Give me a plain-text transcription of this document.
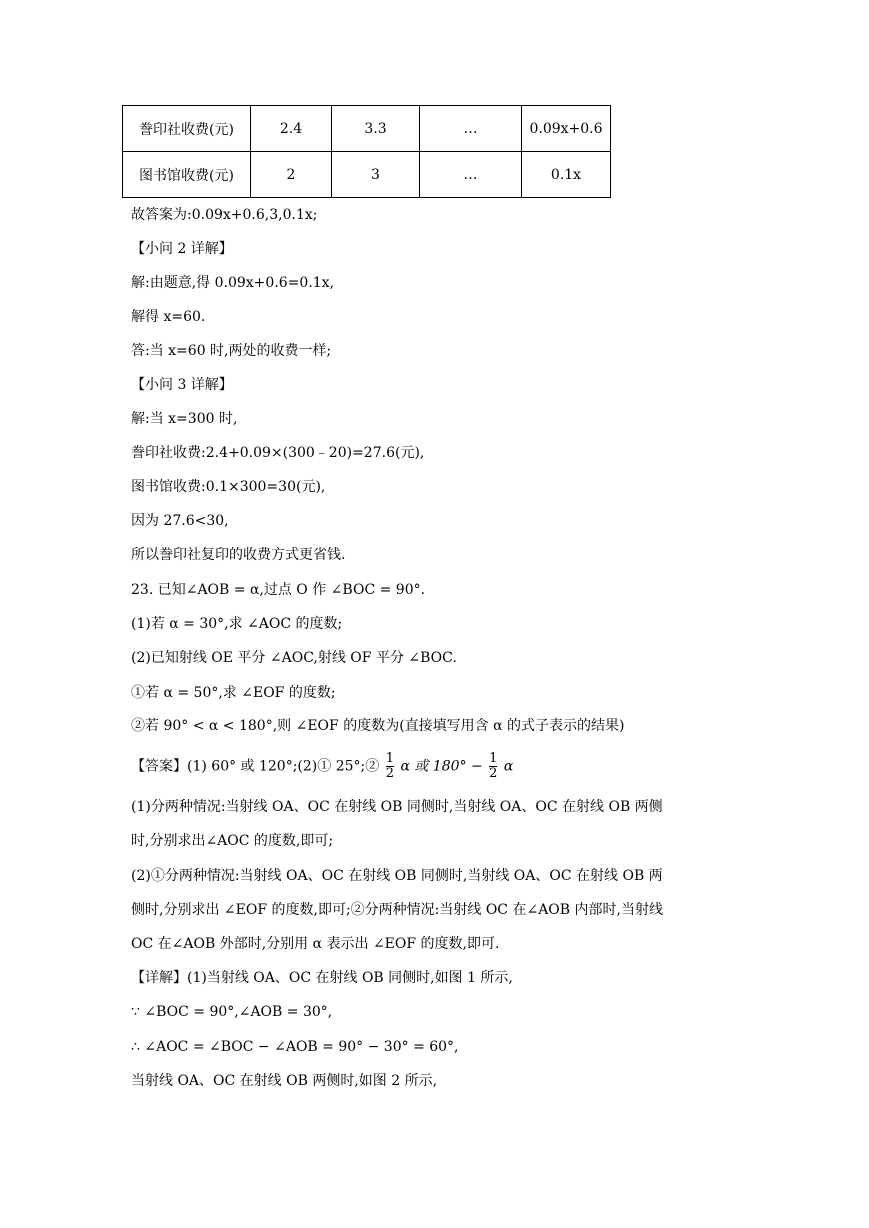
誊印社收费(元)	2.4	3.3	…	0.09x+0.6
图书馆收费(元)	2	3	…	0.1x
故答案为:0.09x+0.6,3,0.1x;
【小问 2 详解】
解:由题意,得 0.09x+0.6=0.1x,
解得 x=60.
答:当 x=60 时,两处的收费一样;
【小问 3 详解】
解:当 x=300 时,
誊印社收费:2.4+0.09×(300﹣20)=27.6(元),
图书馆收费:0.1×300=30(元),
因为 27.6<30,
所以誊印社复印的收费方式更省钱.
23. 已知∠AOB = α,过点 O 作 ∠BOC = 90°.
(1)若 α = 30°,求 ∠AOC 的度数;
(2)已知射线 OE 平分 ∠AOC,射线 OF 平分 ∠BOC.
①若 α = 50°,求 ∠EOF 的度数;
②若 90° < α < 180°,则 ∠EOF 的度数为(直接填写用含 α 的式子表示的结果)
【答案】(1) 60° 或 120°;(2)① 25°;② $\frac{1}{2}$ α 或 $180^\circ - \frac{1}{2}$ α
(1)分两种情况:当射线 OA、OC 在射线 OB 同侧时,当射线 OA、OC 在射线 OB 两侧
时,分别求出∠AOC 的度数,即可;
(2)①分两种情况:当射线 OA、OC 在射线 OB 同侧时,当射线 OA、OC 在射线 OB 两
侧时,分别求出 ∠EOF 的度数,即可;②分两种情况:当射线 OC 在∠AOB 内部时,当射线
OC 在∠AOB 外部时,分别用 α 表示出 ∠EOF 的度数,即可.
【详解】(1)当射线 OA、OC 在射线 OB 同侧时,如图 1 所示,
∵ ∠BOC = 90°,∠AOB = 30°,
∴ ∠AOC = ∠BOC − ∠AOB = 90° − 30° = 60°,
当射线 OA、OC 在射线 OB 两侧时,如图 2 所示,
